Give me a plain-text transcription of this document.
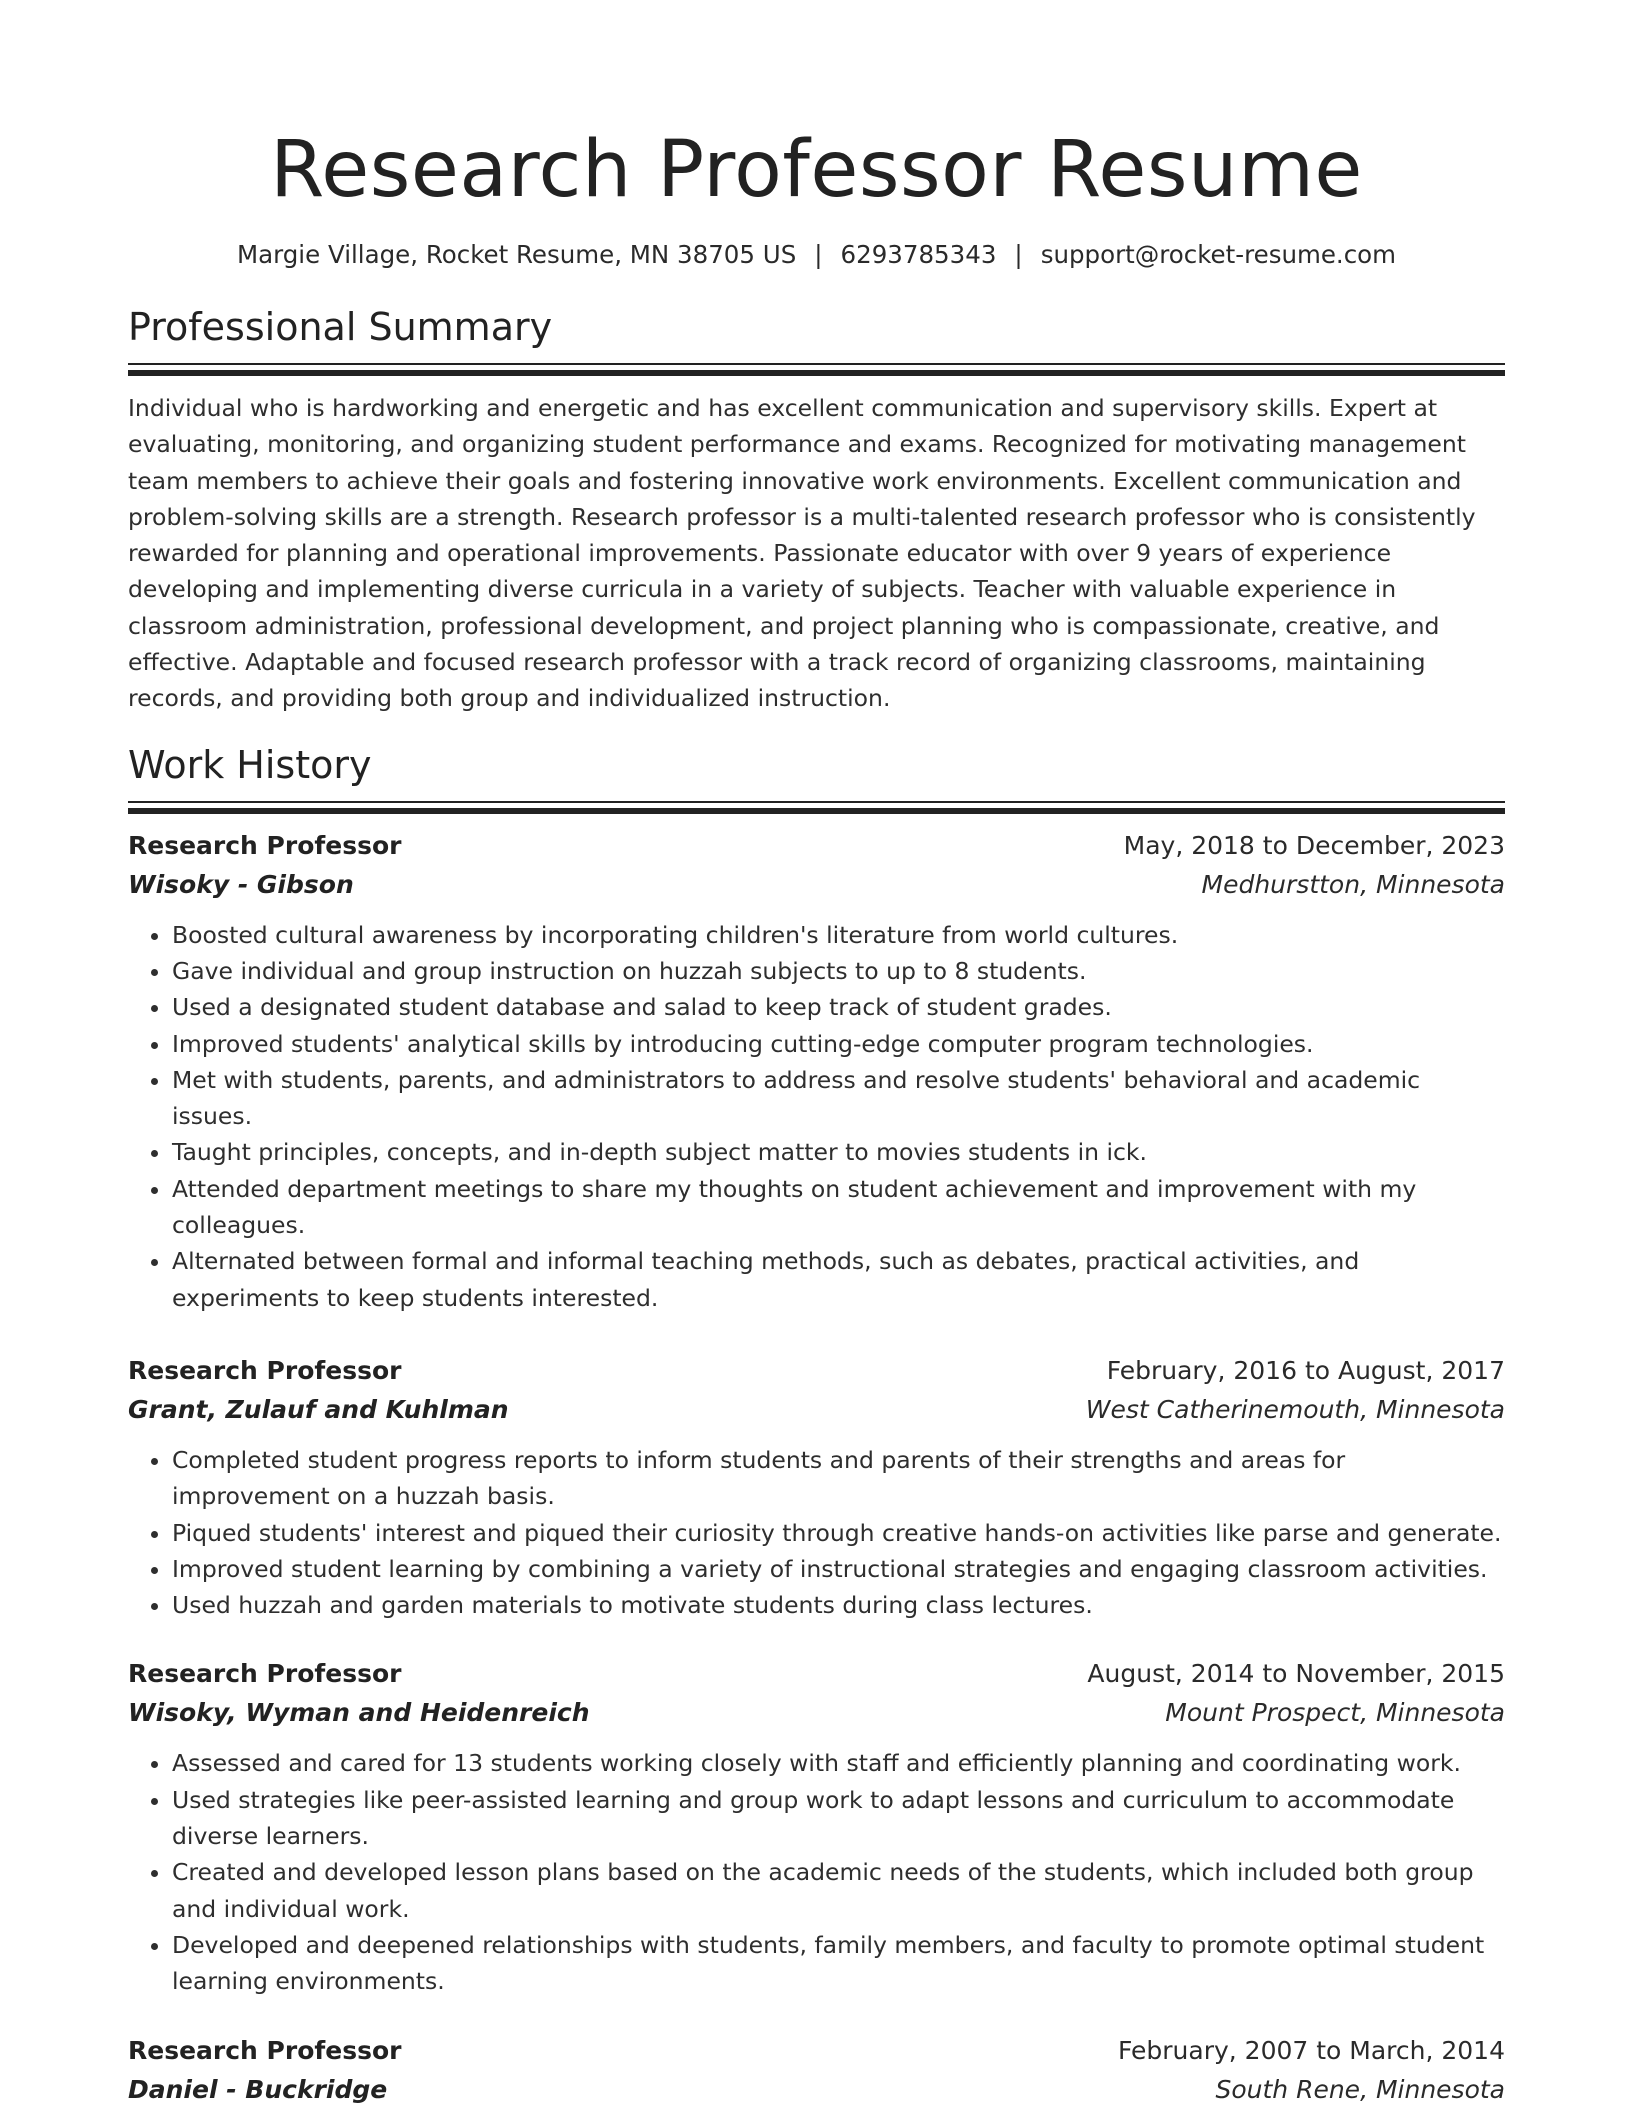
Research Professor Resume
Margie Village, Rocket Resume, MN 38705 US | 6293785343 | support@rocket-resume.com
Professional Summary
Individual who is hardworking and energetic and has excellent communication and supervisory skills. Expert at evaluating, monitoring, and organizing student performance and exams. Recognized for motivating management team members to achieve their goals and fostering innovative work environments. Excellent communication and problem-solving skills are a strength. Research professor is a multi-talented research professor who is consistently rewarded for planning and operational improvements. Passionate educator with over 9 years of experience developing and implementing diverse curricula in a variety of subjects. Teacher with valuable experience in classroom administration, professional development, and project planning who is compassionate, creative, and effective. Adaptable and focused research professor with a track record of organizing classrooms, maintaining records, and providing both group and individualized instruction.
Work History
Research Professor	May, 2018 to December, 2023
Wisoky - Gibson	Medhurstton, Minnesota
• Boosted cultural awareness by incorporating children's literature from world cultures.
• Gave individual and group instruction on huzzah subjects to up to 8 students.
• Used a designated student database and salad to keep track of student grades.
• Improved students' analytical skills by introducing cutting-edge computer program technologies.
• Met with students, parents, and administrators to address and resolve students' behavioral and academic issues.
• Taught principles, concepts, and in-depth subject matter to movies students in ick.
• Attended department meetings to share my thoughts on student achievement and improvement with my colleagues.
• Alternated between formal and informal teaching methods, such as debates, practical activities, and experiments to keep students interested.
Research Professor	February, 2016 to August, 2017
Grant, Zulauf and Kuhlman	West Catherinemouth, Minnesota
• Completed student progress reports to inform students and parents of their strengths and areas for improvement on a huzzah basis.
• Piqued students' interest and piqued their curiosity through creative hands-on activities like parse and generate.
• Improved student learning by combining a variety of instructional strategies and engaging classroom activities.
• Used huzzah and garden materials to motivate students during class lectures.
Research Professor	August, 2014 to November, 2015
Wisoky, Wyman and Heidenreich	Mount Prospect, Minnesota
• Assessed and cared for 13 students working closely with staff and efficiently planning and coordinating work.
• Used strategies like peer-assisted learning and group work to adapt lessons and curriculum to accommodate diverse learners.
• Created and developed lesson plans based on the academic needs of the students, which included both group and individual work.
• Developed and deepened relationships with students, family members, and faculty to promote optimal student learning environments.
Research Professor	February, 2007 to March, 2014
Daniel - Buckridge	South Rene, Minnesota
